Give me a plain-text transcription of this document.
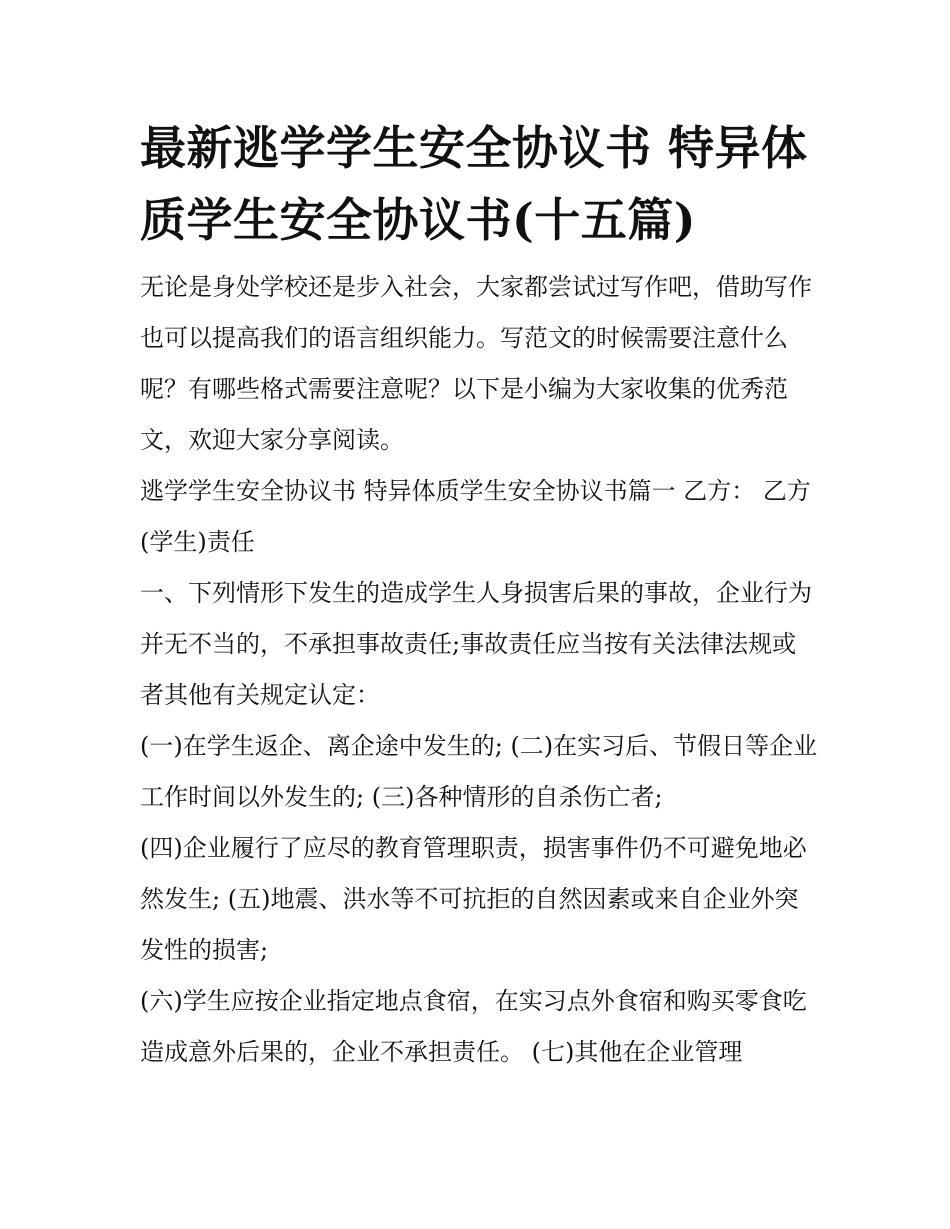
最新逃学学生安全协议书 特异体质学生安全协议书(十五篇)

无论是身处学校还是步入社会，大家都尝试过写作吧，借助写作也可以提高我们的语言组织能力。写范文的时候需要注意什么呢？有哪些格式需要注意呢？以下是小编为大家收集的优秀范文，欢迎大家分享阅读。

逃学学生安全协议书 特异体质学生安全协议书篇一 乙方： 乙方(学生)责任

一、下列情形下发生的造成学生人身损害后果的事故，企业行为并无不当的，不承担事故责任;事故责任应当按有关法律法规或者其他有关规定认定：

(一)在学生返企、离企途中发生的; (二)在实习后、节假日等企业工作时间以外发生的; (三)各种情形的自杀伤亡者;

(四)企业履行了应尽的教育管理职责，损害事件仍不可避免地必然发生; (五)地震、洪水等不可抗拒的自然因素或来自企业外突发性的损害;

(六)学生应按企业指定地点食宿，在实习点外食宿和购买零食吃造成意外后果的，企业不承担责任。 (七)其他在企业管理
